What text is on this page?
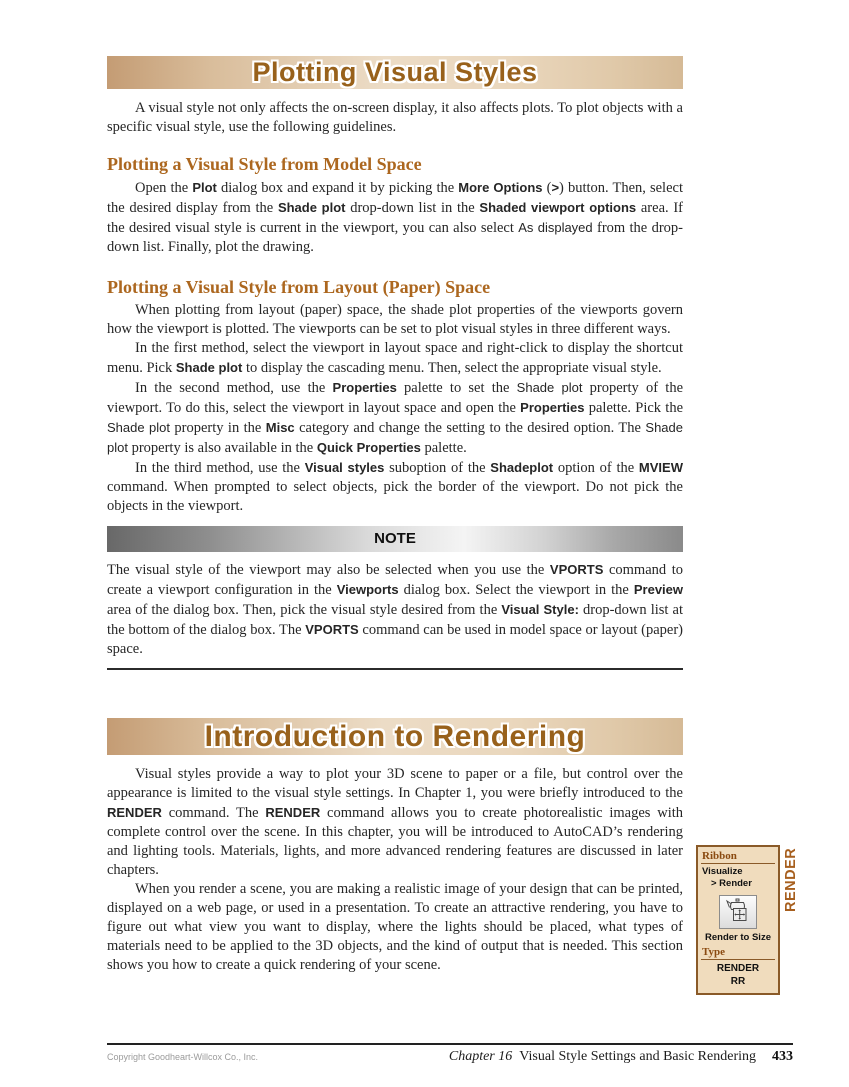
Plotting Visual Styles

A visual style not only affects the on-screen display, it also affects plots. To plot objects with a specific visual style, use the following guidelines.

Plotting a Visual Style from Model Space

Open the Plot dialog box and expand it by picking the More Options (>) button. Then, select the desired display from the Shade plot drop-down list in the Shaded viewport options area. If the desired visual style is current in the viewport, you can also select As displayed from the drop-down list. Finally, plot the drawing.

Plotting a Visual Style from Layout (Paper) Space

When plotting from layout (paper) space, the shade plot properties of the viewports govern how the viewport is plotted. The viewports can be set to plot visual styles in three different ways.

In the first method, select the viewport in layout space and right-click to display the shortcut menu. Pick Shade plot to display the cascading menu. Then, select the appropriate visual style.

In the second method, use the Properties palette to set the Shade plot property of the viewport. To do this, select the viewport in layout space and open the Properties palette. Pick the Shade plot property in the Misc category and change the setting to the desired option. The Shade plot property is also available in the Quick Properties palette.

In the third method, use the Visual styles suboption of the Shadeplot option of the MVIEW command. When prompted to select objects, pick the border of the viewport. Do not pick the objects in the viewport.

NOTE

The visual style of the viewport may also be selected when you use the VPORTS command to create a viewport configuration in the Viewports dialog box. Select the viewport in the Preview area of the dialog box. Then, pick the visual style desired from the Visual Style: drop-down list at the bottom of the dialog box. The VPORTS command can be used in model space or layout (paper) space.

Introduction to Rendering

Visual styles provide a way to plot your 3D scene to paper or a file, but control over the appearance is limited to the visual style settings. In Chapter 1, you were briefly introduced to the RENDER command. The RENDER command allows you to create photorealistic images with complete control over the scene. In this chapter, you will be introduced to AutoCAD’s rendering and lighting tools. Materials, lights, and more advanced rendering features are discussed in later chapters.

When you render a scene, you are making a realistic image of your design that can be printed, displayed on a web page, or used in a presentation. To create an attractive rendering, you have to figure out what view you want to display, where the lights should be placed, what types of materials need to be applied to the 3D objects, and the kind of output that is needed. This section shows you how to create a quick rendering of your scene.

Ribbon
Visualize
> Render
Render to Size
Type
RENDER
RR
RENDER
Copyright Goodheart-Willcox Co., Inc.	Chapter 16 Visual Style Settings and Basic Rendering 433
